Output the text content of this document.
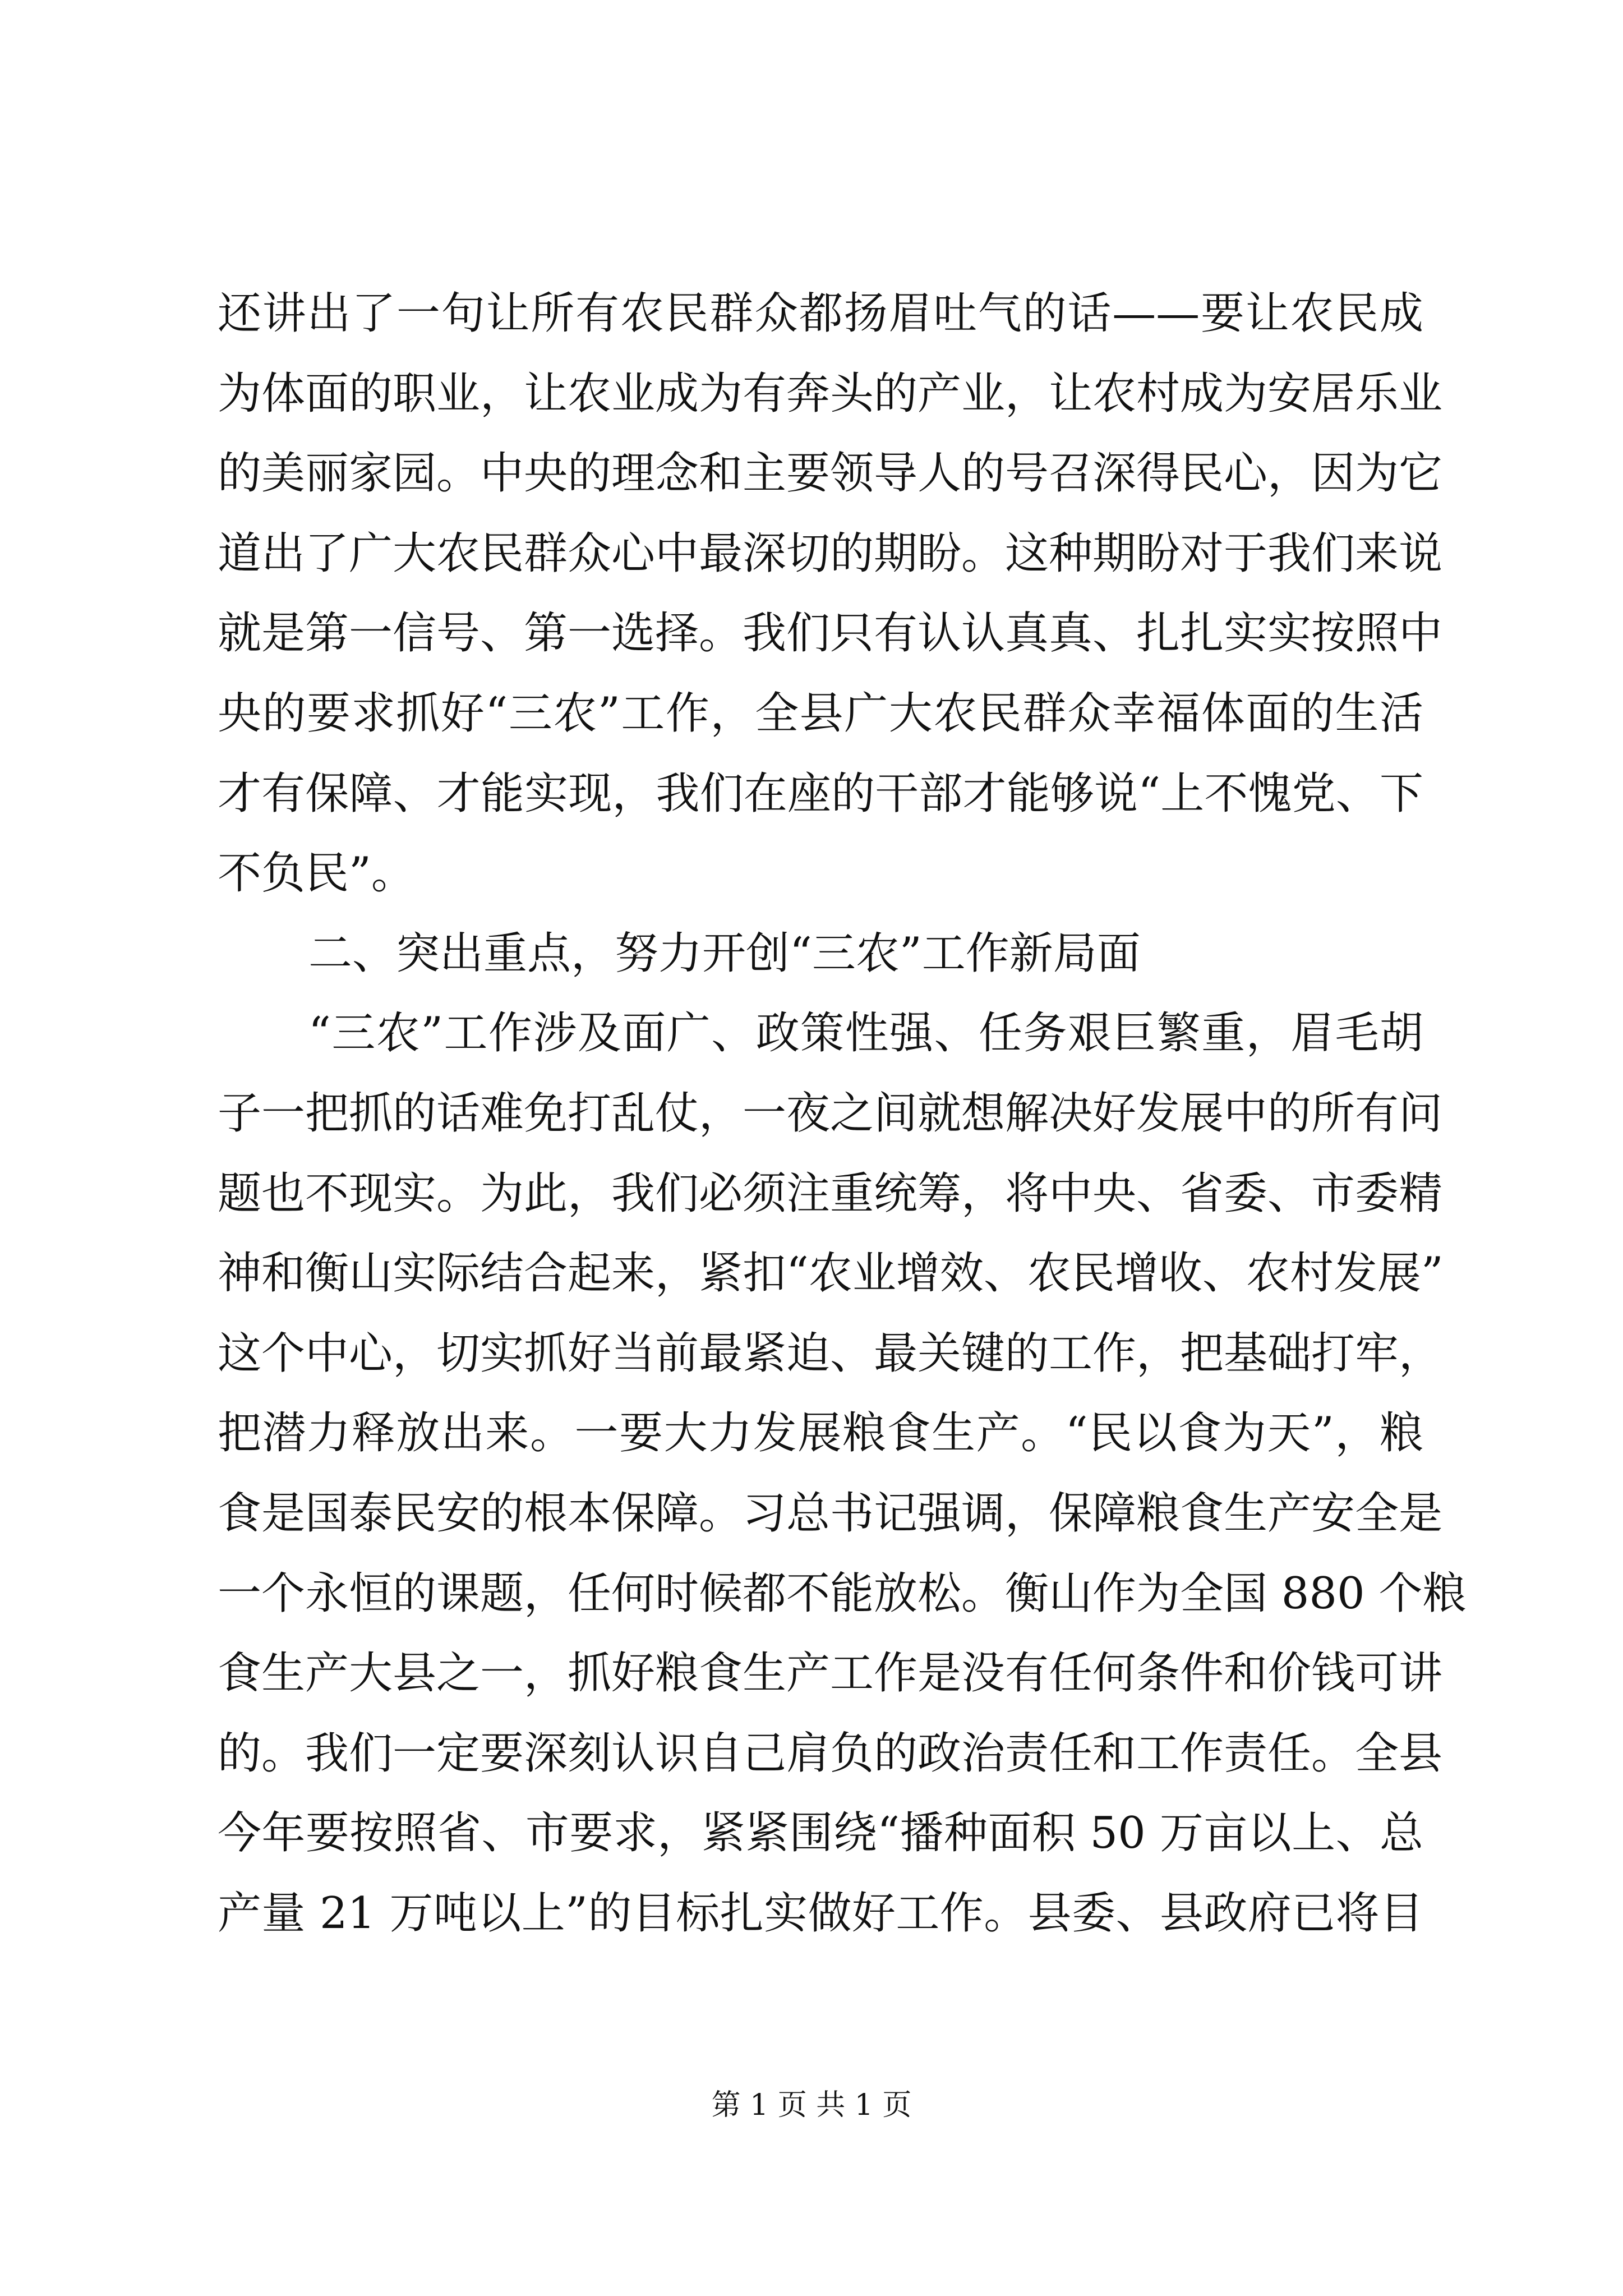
还讲出了一句让所有农民群众都扬眉吐气的话——要让农民成
为体面的职业，让农业成为有奔头的产业，让农村成为安居乐业
的美丽家园。中央的理念和主要领导人的号召深得民心，因为它
道出了广大农民群众心中最深切的期盼。这种期盼对于我们来说
就是第一信号、第一选择。我们只有认认真真、扎扎实实按照中
央的要求抓好“三农”工作，全县广大农民群众幸福体面的生活
才有保障、才能实现，我们在座的干部才能够说“上不愧党、下
不负民”。
二、突出重点，努力开创“三农”工作新局面
“三农”工作涉及面广、政策性强、任务艰巨繁重，眉毛胡
子一把抓的话难免打乱仗，一夜之间就想解决好发展中的所有问
题也不现实。为此，我们必须注重统筹，将中央、省委、市委精
神和衡山实际结合起来，紧扣“农业增效、农民增收、农村发展”
这个中心，切实抓好当前最紧迫、最关键的工作，把基础打牢，
把潜力释放出来。一要大力发展粮食生产。“民以食为天”，粮
食是国泰民安的根本保障。习总书记强调，保障粮食生产安全是
一个永恒的课题，任何时候都不能放松。衡山作为全国 880 个粮
食生产大县之一，抓好粮食生产工作是没有任何条件和价钱可讲
的。我们一定要深刻认识自己肩负的政治责任和工作责任。全县
今年要按照省、市要求，紧紧围绕“播种面积 50 万亩以上、总
产量 21 万吨以上”的目标扎实做好工作。县委、县政府已将目
第 1 页 共 1 页
